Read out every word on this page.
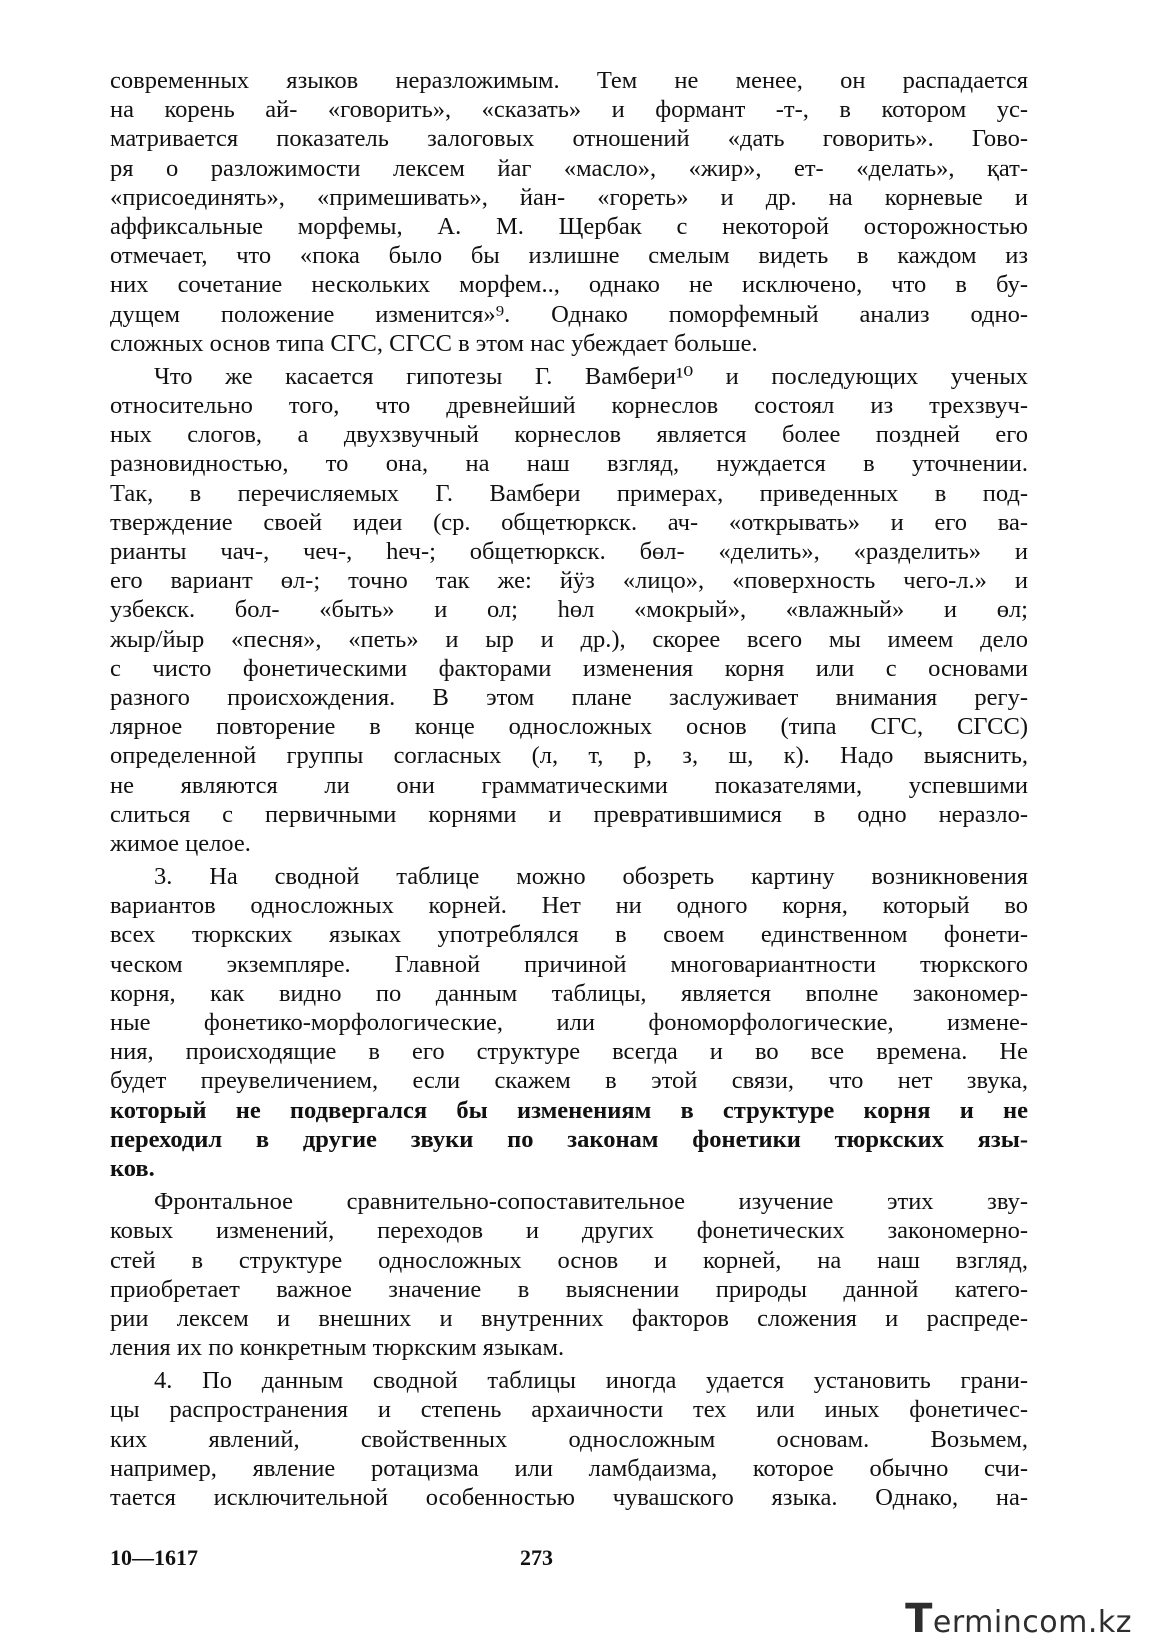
современных языков неразложимым. Тем не менее, он распадается
на корень ай- «говорить», «сказать» и формант -т-, в котором ус-
матривается показатель залоговых отношений «дать говорить». Гово-
ря о разложимости лексем йаг «масло», «жир», ет- «делать», қат-
«присоединять», «примешивать», йан- «гореть» и др. на корневые и
аффиксальные морфемы, А. М. Щербак с некоторой осторожностью
отмечает, что «пока было бы излишне смелым видеть в каждом из
них сочетание нескольких морфем.., однако не исключено, что в бу-
дущем положение изменится»⁹. Однако поморфемный анализ одно-
сложных основ типа СГС, СГСС в этом нас убеждает больше.
Что же касается гипотезы Г. Вамбери¹⁰ и последующих ученых
относительно того, что древнейший корнеслов состоял из трехзвуч-
ных слогов, а двухзвучный корнеслов является более поздней его
разновидностью, то она, на наш взгляд, нуждается в уточнении.
Так, в перечисляемых Г. Вамбери примерах, приведенных в под-
тверждение своей идеи (ср. общетюркск. ач- «открывать» и его ва-
рианты чач-, чеч-, һеч-; общетюркск. бөл- «делить», «разделить» и
его вариант өл-; точно так же: йӱз «лицо», «поверхность чего-л.» и
узбекск. бол- «быть» и ол; һөл «мокрый», «влажный» и өл;
жыр/йыр «песня», «петь» и ыр и др.), скорее всего мы имеем дело
с чисто фонетическими факторами изменения корня или с основами
разного происхождения. В этом плане заслуживает внимания регу-
лярное повторение в конце односложных основ (типа СГС, СГСС)
определенной группы согласных (л, т, р, з, ш, к). Надо выяснить,
не являются ли они грамматическими показателями, успевшими
слиться с первичными корнями и превратившимися в одно неразло-
жимое целое.
3. На сводной таблице можно обозреть картину возникновения
вариантов односложных корней. Нет ни одного корня, который во
всех тюркских языках употреблялся в своем единственном фонети-
ческом экземпляре. Главной причиной многовариантности тюркского
корня, как видно по данным таблицы, является вполне закономер-
ные фонетико-морфологические, или фономорфологические, измене-
ния, происходящие в его структуре всегда и во все времена. Не
будет преувеличением, если скажем в этой связи, что нет звука,
который не подвергался бы изменениям в структуре корня и не
переходил в другие звуки по законам фонетики тюркских язы-
ков.
Фронтальное сравнительно-сопоставительное изучение этих зву-
ковых изменений, переходов и других фонетических закономерно-
стей в структуре односложных основ и корней, на наш взгляд,
приобретает важное значение в выяснении природы данной катего-
рии лексем и внешних и внутренних факторов сложения и распреде-
ления их по конкретным тюркским языкам.
4. По данным сводной таблицы иногда удается установить грани-
цы распространения и степень архаичности тех или иных фонетичес-
ких явлений, свойственных односложным основам. Возьмем,
например, явление ротацизма или ламбдаизма, которое обычно счи-
тается исключительной особенностью чувашского языка. Однако, на-
10—1617	273
Termincom.kz
